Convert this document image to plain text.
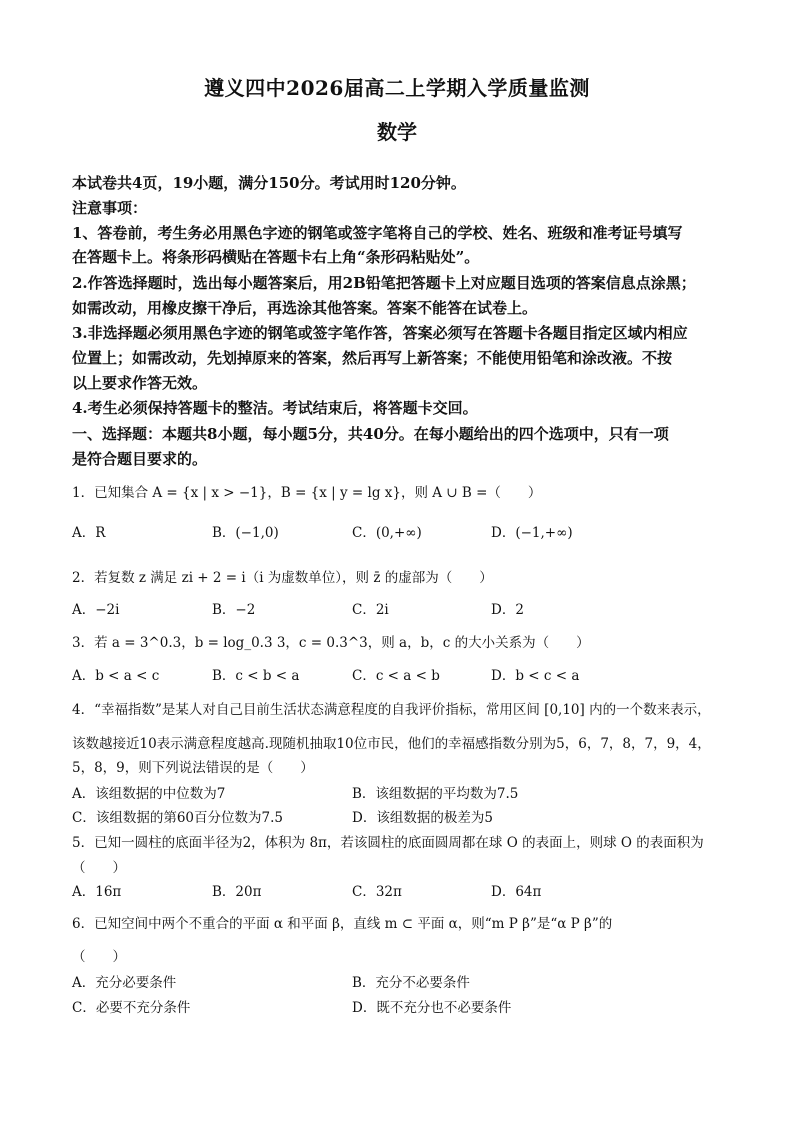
遵义四中2026届高二上学期入学质量监测
数学
本试卷共4页，19小题，满分150分。考试用时120分钟。
注意事项：
1、答卷前，考生务必用黑色字迹的钢笔或签字笔将自己的学校、姓名、班级和准考证号填写
在答题卡上。将条形码横贴在答题卡右上角“条形码粘贴处”。
2.作答选择题时，选出每小题答案后，用2B铅笔把答题卡上对应题目选项的答案信息点涂黑；
如需改动，用橡皮擦干净后，再选涂其他答案。答案不能答在试卷上。
3.非选择题必须用黑色字迹的钢笔或签字笔作答，答案必须写在答题卡各题目指定区域内相应
位置上；如需改动，先划掉原来的答案，然后再写上新答案；不能使用铅笔和涂改液。不按
以上要求作答无效。
4.考生必须保持答题卡的整洁。考试结束后，将答题卡交回。
一、选择题：本题共8小题，每小题5分，共40分。在每小题给出的四个选项中，只有一项
是符合题目要求的。
1．已知集合 A = {x | x > −1}，B = {x | y = lg x}，则 A ∪ B =（　　）
A．R	B．(−1,0)	C．(0,+∞)	D．(−1,+∞)
2．若复数 z 满足 zi + 2 = i（i 为虚数单位），则 z̄ 的虚部为（　　）
A．−2i	B．−2	C．2i	D．2
3．若 a = 3^0.3，b = log_0.3 3，c = 0.3^3，则 a，b，c 的大小关系为（　　）
A．b < a < c	B．c < b < a	C．c < a < b	D．b < c < a
4．“幸福指数”是某人对自己目前生活状态满意程度的自我评价指标，常用区间 [0,10] 内的一个数来表示，
该数越接近10表示满意程度越高.现随机抽取10位市民，他们的幸福感指数分别为5，6，7，8，7，9，4，
5，8，9，则下列说法错误的是（　　）
A．该组数据的中位数为7	B．该组数据的平均数为7.5
C．该组数据的第60百分位数为7.5	D．该组数据的极差为5
5．已知一圆柱的底面半径为2，体积为 8π，若该圆柱的底面圆周都在球 O 的表面上，则球 O 的表面积为
（　　）
A．16π	B．20π	C．32π	D．64π
6．已知空间中两个不重合的平面 α 和平面 β，直线 m ⊂ 平面 α，则“m P β”是“α P β”的
（　　）
A．充分必要条件	B．充分不必要条件
C．必要不充分条件	D．既不充分也不必要条件
